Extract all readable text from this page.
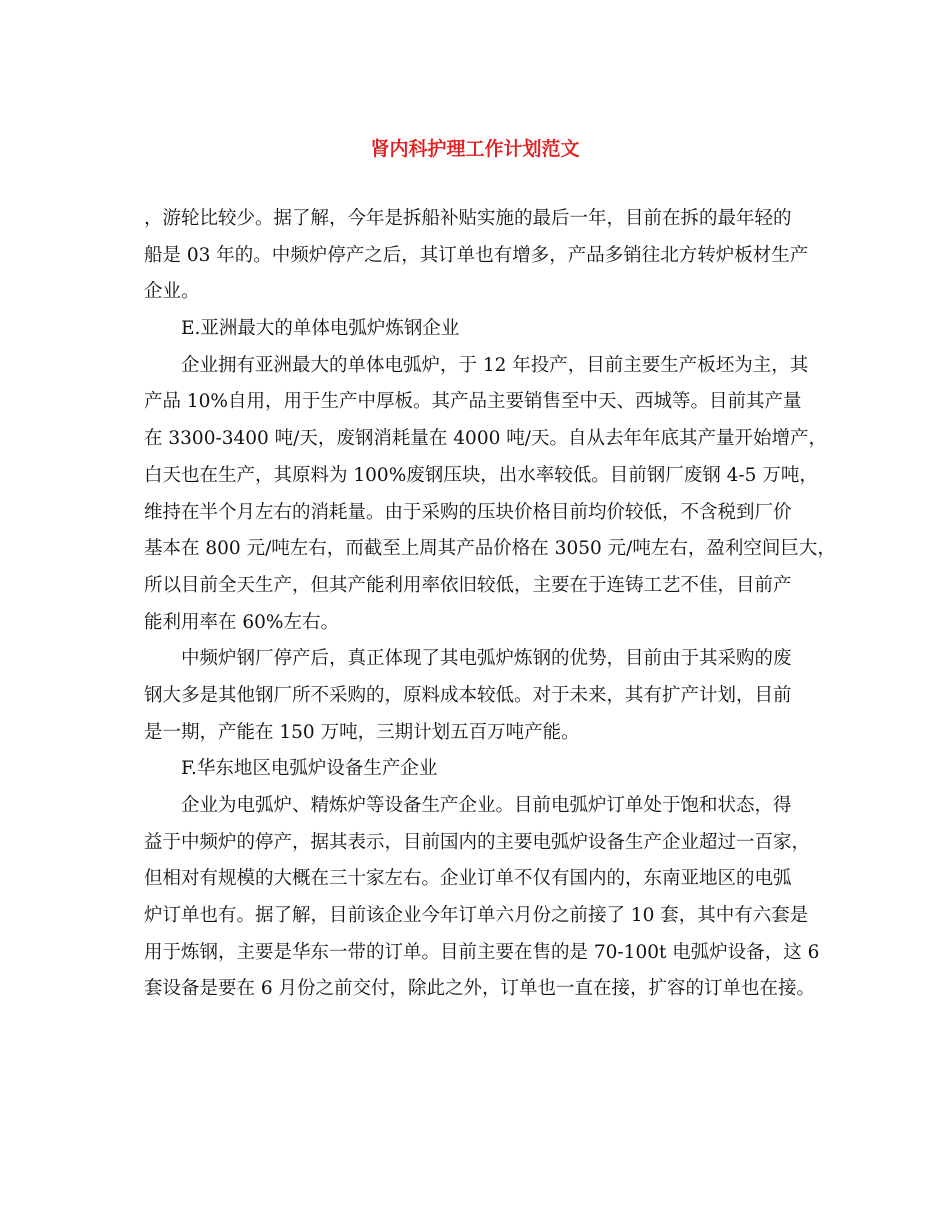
肾内科护理工作计划范文

，游轮比较少。据了解，今年是拆船补贴实施的最后一年，目前在拆的最年轻的

船是 03 年的。中频炉停产之后，其订单也有增多，产品多销往北方转炉板材生产

企业。

E.亚洲最大的单体电弧炉炼钢企业

企业拥有亚洲最大的单体电弧炉，于 12 年投产，目前主要生产板坯为主，其

产品 10%自用，用于生产中厚板。其产品主要销售至中天、西城等。目前其产量

在 3300-3400 吨/天，废钢消耗量在 4000 吨/天。自从去年年底其产量开始增产，

白天也在生产，其原料为 100%废钢压块，出水率较低。目前钢厂废钢 4-5 万吨，

维持在半个月左右的消耗量。由于采购的压块价格目前均价较低，不含税到厂价

基本在 800 元/吨左右，而截至上周其产品价格在 3050 元/吨左右，盈利空间巨大，

所以目前全天生产，但其产能利用率依旧较低，主要在于连铸工艺不佳，目前产

能利用率在 60%左右。

中频炉钢厂停产后，真正体现了其电弧炉炼钢的优势，目前由于其采购的废

钢大多是其他钢厂所不采购的，原料成本较低。对于未来，其有扩产计划，目前

是一期，产能在 150 万吨，三期计划五百万吨产能。

F.华东地区电弧炉设备生产企业

企业为电弧炉、精炼炉等设备生产企业。目前电弧炉订单处于饱和状态，得

益于中频炉的停产，据其表示，目前国内的主要电弧炉设备生产企业超过一百家，

但相对有规模的大概在三十家左右。企业订单不仅有国内的，东南亚地区的电弧

炉订单也有。据了解，目前该企业今年订单六月份之前接了 10 套，其中有六套是

用于炼钢，主要是华东一带的订单。目前主要在售的是 70-100t 电弧炉设备，这 6

套设备是要在 6 月份之前交付，除此之外，订单也一直在接，扩容的订单也在接。
